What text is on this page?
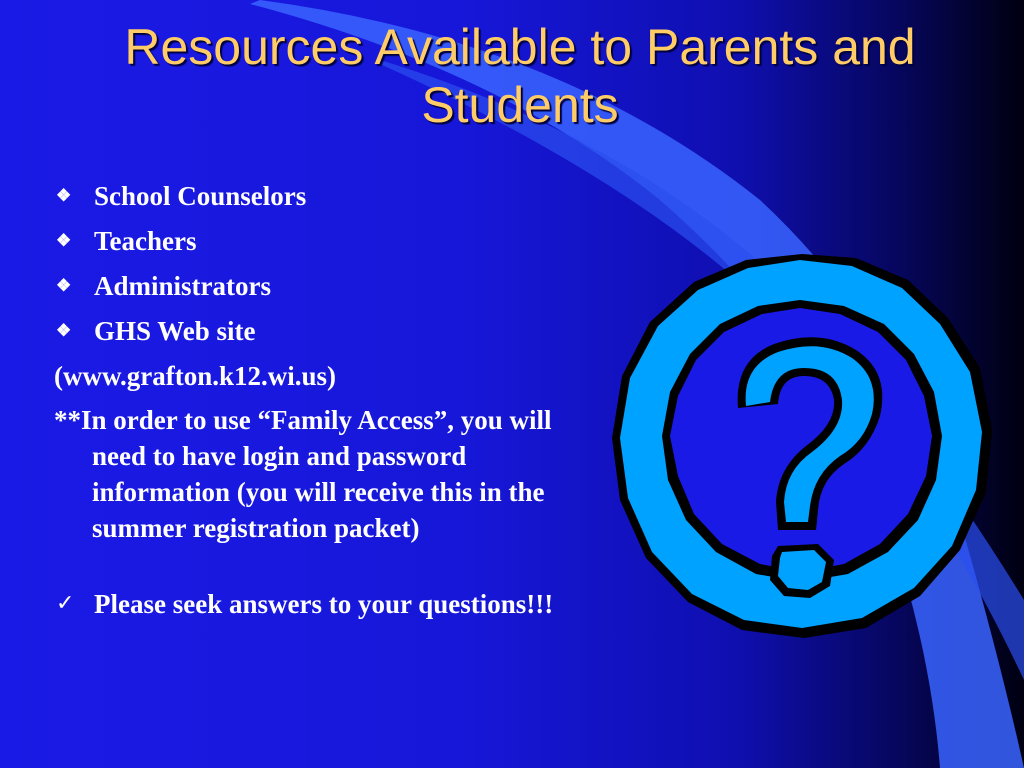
Resources Available to Parents and Students
❖ School Counselors
❖ Teachers
❖ Administrators
❖ GHS Web site
(www.grafton.k12.wi.us)
**In order to use “Family Access”, you will need to have login and password information (you will receive this in the summer registration packet)
✓ Please seek answers to your questions!!!
